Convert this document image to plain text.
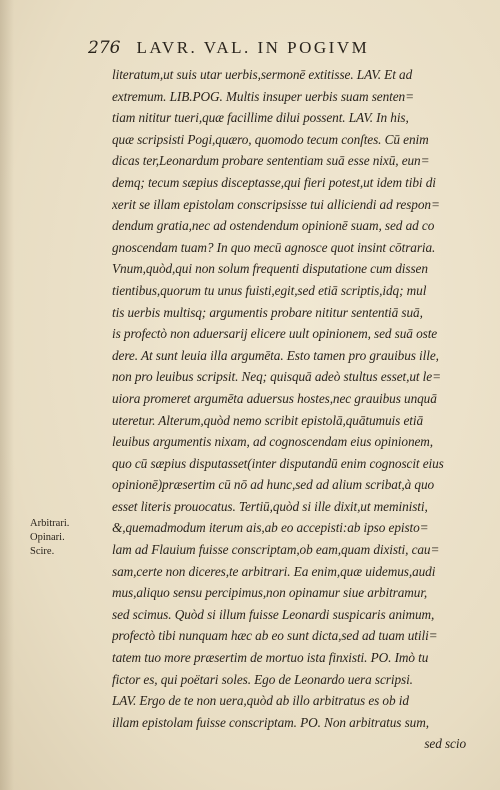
276 LAVR. VAL. IN POGIVM
literatum,ut suis utar uerbis,sermonē extitisse. LAV. Et ad
extremum. LIB.POG. Multis insuper uerbis suam senten=
tiam nititur tueri,quæ facillime dilui possent. LAV. In his,
quæ scripsisti Pogi,quæro, quomodo tecum conſtes. Cū enim
dicas ter,Leonardum probare sententiam suā esse nixū, eun=
demq; tecum sæpius disceptasse,qui fieri potest,ut idem tibi di
xerit se illam epistolam conscripsisse tui alliciendi ad respon=
dendum gratia,nec ad ostendendum opinionē suam, sed ad co
gnoscendam tuam? In quo mecū agnosce quot insint cōtraria.
Vnum,quòd,qui non solum frequenti disputatione cum dissen
tientibus,quorum tu unus fuisti,egit,sed etiā scriptis,idq; mul
tis uerbis multisq; argumentis probare nititur sententiā suā,
is profectò non aduersarij elicere uult opinionem, sed suā oste
dere. At sunt leuia illa argumēta. Esto tamen pro grauibus ille,
non pro leuibus scripsit. Neq; quisquā adeò stultus esset,ut le=
uiora promeret argumēta aduersus hostes,nec grauibus unquā
uteretur. Alterum,quòd nemo scribit epistolā,quātumuis etiā
leuibus argumentis nixam, ad cognoscendam eius opinionem,
quo cū sæpius disputasset(inter disputandū enim cognoscit eius
opinionē)præsertim cū nō ad hunc,sed ad alium scribat,à quo
esset literis prouocatus. Tertiū,quòd si ille dixit,ut meministi,
&,quemadmodum iterum ais,ab eo accepisti:ab ipso episto=
lam ad Flauium fuisse conscriptam,ob eam,quam dixisti, cau=
sam,certe non diceres,te arbitrari. Ea enim,quæ uidemus,audi
mus,aliquo sensu percipimus,non opinamur siue arbitramur,
sed scimus. Quòd si illum fuisse Leonardi suspicaris animum,
profectò tibi nunquam hæc ab eo sunt dicta,sed ad tuam utili=
tatem tuo more præsertim de mortuo ista finxisti. PO. Imò tu
fictor es, qui poëtari soles. Ego de Leonardo uera scripsi.
LAV. Ergo de te non uera,quòd ab illo arbitratus es ob id
illam epistolam fuisse conscriptam. PO. Non arbitratus sum,
sed scio
Arbitrari.
Opinari.
Scire.
